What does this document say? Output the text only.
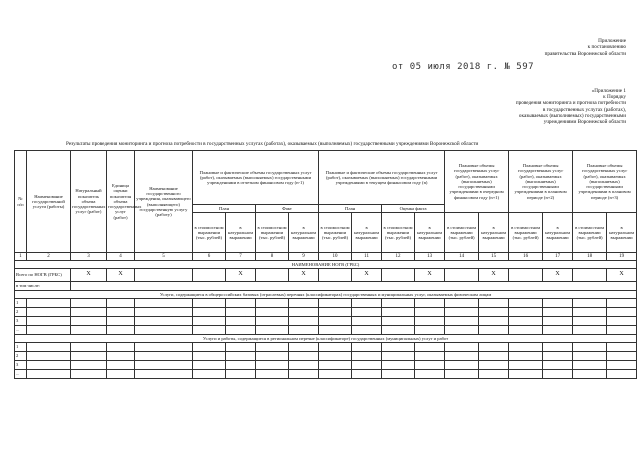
Приложение
к постановлению
правительства Воронежской области
от 05 июля 2018 г. № 597
«Приложение 1
к Порядку
проведения мониторинга и прогноза потребности
в государственных услугах (работах),
оказываемых (выполняемых) государственными
учреждениями Воронежской области
Результаты проведения мониторинга и прогноза потребности в государственных услугах (работах), оказываемых (выполняемых) государственными учреждениями Воронежской области
№ п/п	Наименование государственной услуги (работы)	Натуральный показатель объема государственных услуг (работ)	Единица оценки показателя объема государственных услуг (работ)	Наименование государственного учреждения, оказывающего (выполняющего) государственную услугу (работу)	Плановые и фактические объемы государственных услуг (работ), оказываемых (выполняемых) государственными учреждениями в отчетном финансовом году (n-1)				Плановые и фактические объемы государственных услуг (работ), оказываемых (выполняемых) государственными учреждениями в текущем финансовом году (n)				Плановые объемы государственных услуг (работ), оказываемых (выполняемых) государственными учреждениями в очередном финансовом году (n+1)		Плановые объемы государственных услуг (работ), оказываемых (выполняемых) государственными учреждениями в плановом периоде (n+2)		Плановые объемы государственных услуг (работ), оказываемых (выполняемых) государственными учреждениями в плановом периоде (n+3)	
					План		Факт		План		Оценка факта							
					в стоимостном выражении (тыс. рублей)	в натуральном выражении	в стоимостном выражении (тыс. рублей)	в натуральном выражении	в стоимостном выражении (тыс. рублей)	в натуральном выражении	в стоимостном выражении (тыс. рублей)	в натуральном выражении	в стоимостном выражении (тыс. рублей)	в натуральном выражении	в стоимостном выражении (тыс. рублей)	в натуральном выражении	в стоимостном выражении (тыс. рублей)	в натуральном выражении
1	2	3	4	5	6	7	8	9	10	11	12	13	14	15	16	17	18	19
НАИМЕНОВАНИЕ НОГВ (ГРБС)																		
Всего по НОГВ (ГРБС)		X	X			X		X		X		X		X		X		X
в том числе:																		
Услуги, содержащиеся в общероссийских базовых (отраслевых) перечнях (классификаторах) государственных и муниципальных услуг, оказываемых физическим лицам																		
1																		
2																		
3																		
...																		
Услуги и работы, содержащиеся в региональном перечне (классификаторе) государственных (муниципальных) услуг и работ																		
1																		
2																		
3																		
...																		
